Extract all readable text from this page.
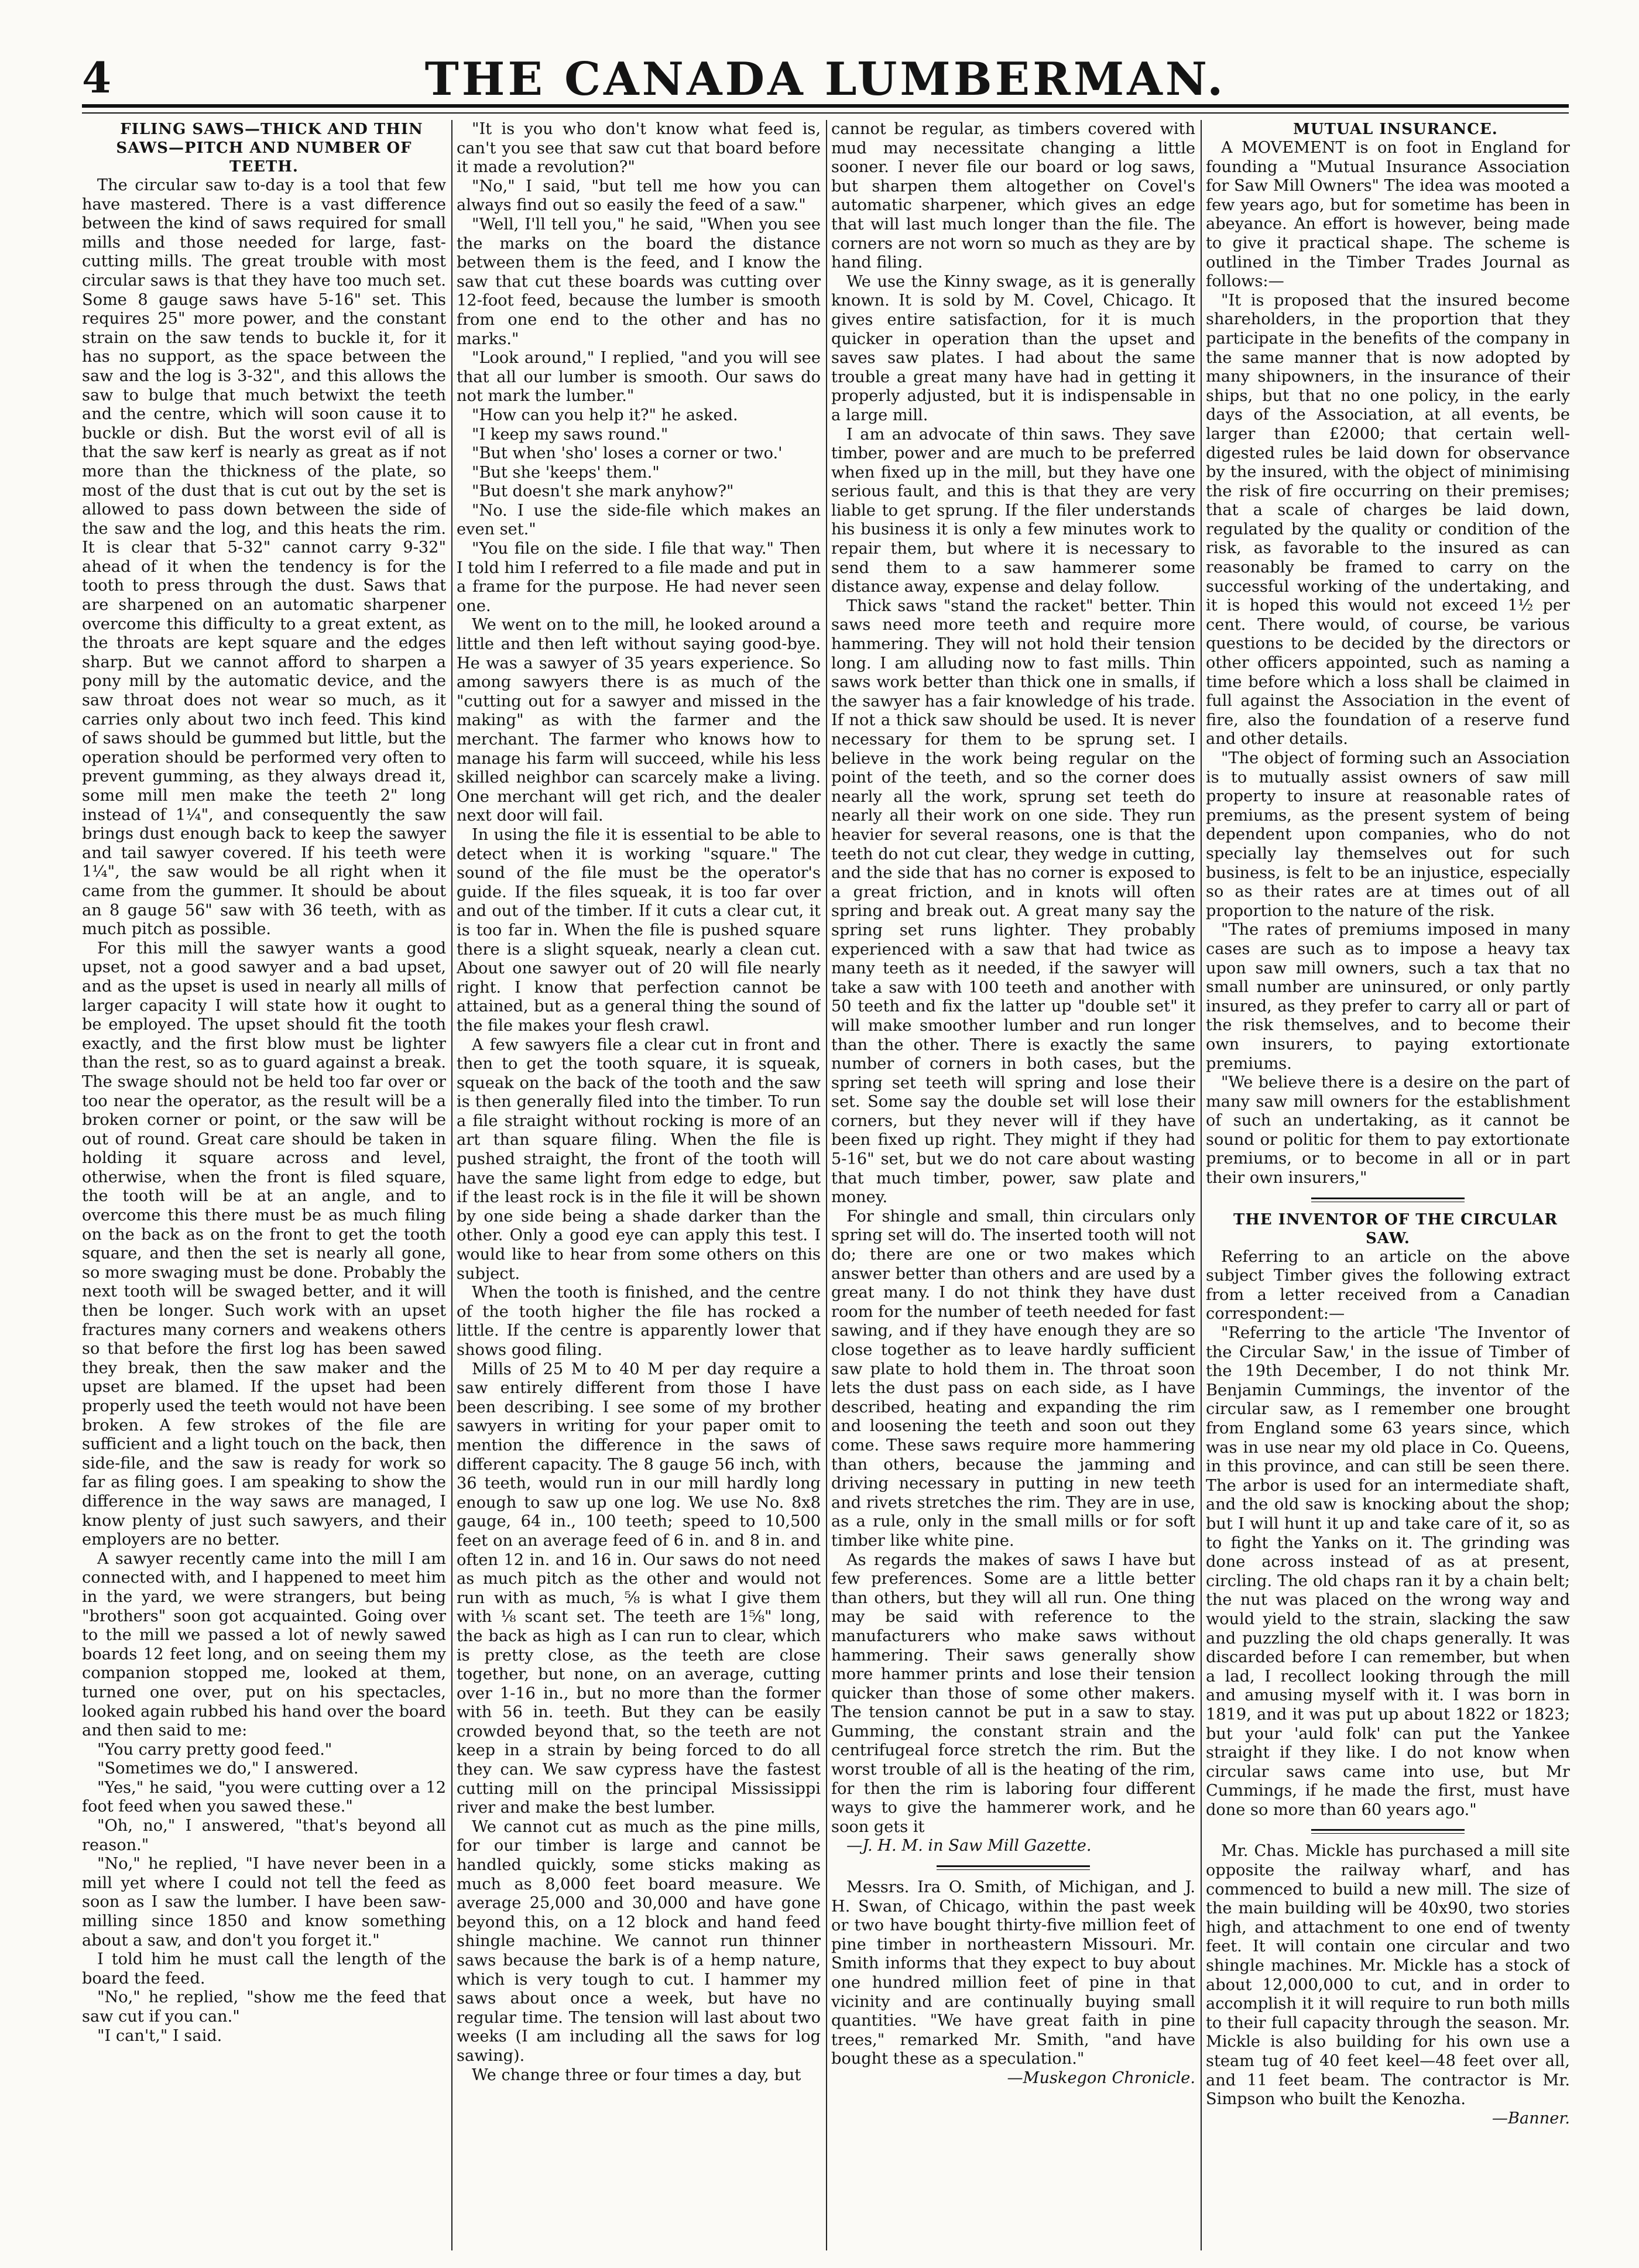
4	THE CANADA LUMBERMAN.

FILING SAWS—THICK AND THIN SAWS—PITCH AND NUMBER OF TEETH.

The circular saw to-day is a tool that few have mastered. There is a vast difference between the kind of saws required for small mills and those needed for large, fast-cutting mills. The great trouble with most circular saws is that they have too much set. Some 8 gauge saws have 5-16" set. This requires 25" more power, and the constant strain on the saw tends to buckle it, for it has no support, as the space between the saw and the log is 3-32", and this allows the saw to bulge that much betwixt the teeth and the centre, which will soon cause it to buckle or dish. But the worst evil of all is that the saw kerf is nearly as great as if not more than the thickness of the plate, so most of the dust that is cut out by the set is allowed to pass down between the side of the saw and the log, and this heats the rim. It is clear that 5-32" cannot carry 9-32" ahead of it when the tendency is for the tooth to press through the dust. Saws that are sharpened on an automatic sharpener overcome this difficulty to a great extent, as the throats are kept square and the edges sharp. But we cannot afford to sharpen a pony mill by the automatic device, and the saw throat does not wear so much, as it carries only about two inch feed. This kind of saws should be gummed but little, but the operation should be performed very often to prevent gumming, as they always dread it, some mill men make the teeth 2" long instead of 1¼", and consequently the saw brings dust enough back to keep the sawyer and tail sawyer covered. If his teeth were 1¼", the saw would be all right when it came from the gummer. It should be about an 8 gauge 56" saw with 36 teeth, with as much pitch as possible.

For this mill the sawyer wants a good upset, not a good sawyer and a bad upset, and as the upset is used in nearly all mills of larger capacity I will state how it ought to be employed. The upset should fit the tooth exactly, and the first blow must be lighter than the rest, so as to guard against a break. The swage should not be held too far over or too near the operator, as the result will be a broken corner or point, or the saw will be out of round. Great care should be taken in holding it square across and level, otherwise, when the front is filed square, the tooth will be at an angle, and to overcome this there must be as much filing on the back as on the front to get the tooth square, and then the set is nearly all gone, so more swaging must be done. Probably the next tooth will be swaged better, and it will then be longer. Such work with an upset fractures many corners and weakens others so that before the first log has been sawed they break, then the saw maker and the upset are blamed. If the upset had been properly used the teeth would not have been broken. A few strokes of the file are sufficient and a light touch on the back, then side-file, and the saw is ready for work so far as filing goes. I am speaking to show the difference in the way saws are managed, I know plenty of just such sawyers, and their employers are no better.

A sawyer recently came into the mill I am connected with, and I happened to meet him in the yard, we were strangers, but being "brothers" soon got acquainted. Going over to the mill we passed a lot of newly sawed boards 12 feet long, and on seeing them my companion stopped me, looked at them, turned one over, put on his spectacles, looked again rubbed his hand over the board and then said to me:

"You carry pretty good feed."

"Sometimes we do," I answered.

"Yes," he said, "you were cutting over a 12 foot feed when you sawed these."

"Oh, no," I answered, "that's beyond all reason."

"No," he replied, "I have never been in a mill yet where I could not tell the feed as soon as I saw the lumber. I have been saw-milling since 1850 and know something about a saw, and don't you forget it."

I told him he must call the length of the board the feed.

"No," he replied, "show me the feed that saw cut if you can."

"I can't," I said.

"It is you who don't know what feed is, can't you see that saw cut that board before it made a revolution?"

"No," I said, "but tell me how you can always find out so easily the feed of a saw."

"Well, I'll tell you," he said, "When you see the marks on the board the distance between them is the feed, and I know the saw that cut these boards was cutting over 12-foot feed, because the lumber is smooth from one end to the other and has no marks."

"Look around," I replied, "and you will see that all our lumber is smooth. Our saws do not mark the lumber."

"How can you help it?" he asked.

"I keep my saws round."

"But when 'sho' loses a corner or two.'

"But she 'keeps' them."

"But doesn't she mark anyhow?"

"No. I use the side-file which makes an even set."

"You file on the side. I file that way." Then I told him I referred to a file made and put in a frame for the purpose. He had never seen one.

We went on to the mill, he looked around a little and then left without saying good-bye. He was a sawyer of 35 years experience. So among sawyers there is as much of the "cutting out for a sawyer and missed in the making" as with the farmer and the merchant. The farmer who knows how to manage his farm will succeed, while his less skilled neighbor can scarcely make a living. One merchant will get rich, and the dealer next door will fail.

In using the file it is essential to be able to detect when it is working "square." The sound of the file must be the operator's guide. If the files squeak, it is too far over and out of the timber. If it cuts a clear cut, it is too far in. When the file is pushed square there is a slight squeak, nearly a clean cut. About one sawyer out of 20 will file nearly right. I know that perfection cannot be attained, but as a general thing the sound of the file makes your flesh crawl.

A few sawyers file a clear cut in front and then to get the tooth square, it is squeak, squeak on the back of the tooth and the saw is then generally filed into the timber. To run a file straight without rocking is more of an art than square filing. When the file is pushed straight, the front of the tooth will have the same light from edge to edge, but if the least rock is in the file it will be shown by one side being a shade darker than the other. Only a good eye can apply this test. I would like to hear from some others on this subject.

When the tooth is finished, and the centre of the tooth higher the file has rocked a little. If the centre is apparently lower that shows good filing.

Mills of 25 M to 40 M per day require a saw entirely different from those I have been describing. I see some of my brother sawyers in writing for your paper omit to mention the difference in the saws of different capacity. The 8 gauge 56 inch, with 36 teeth, would run in our mill hardly long enough to saw up one log. We use No. 8x8 gauge, 64 in., 100 teeth; speed to 10,500 feet on an average feed of 6 in. and 8 in. and often 12 in. and 16 in. Our saws do not need as much pitch as the other and would not run with as much, ⅝ is what I give them with ⅛ scant set. The teeth are 1⅝" long, the back as high as I can run to clear, which is pretty close, as the teeth are close together, but none, on an average, cutting over 1-16 in., but no more than the former with 56 in. teeth. But they can be easily crowded beyond that, so the teeth are not keep in a strain by being forced to do all they can. We saw cypress have the fastest cutting mill on the principal Mississippi river and make the best lumber.

We cannot cut as much as the pine mills, for our timber is large and cannot be handled quickly, some sticks making as much as 8,000 feet board measure. We average 25,000 and 30,000 and have gone beyond this, on a 12 block and hand feed shingle machine. We cannot run thinner saws because the bark is of a hemp nature, which is very tough to cut. I hammer my saws about once a week, but have no regular time. The tension will last about two weeks (I am including all the saws for log sawing).

We change three or four times a day, but

cannot be regular, as timbers covered with mud may necessitate changing a little sooner. I never file our board or log saws, but sharpen them altogether on Covel's automatic sharpener, which gives an edge that will last much longer than the file. The corners are not worn so much as they are by hand filing.

We use the Kinny swage, as it is generally known. It is sold by M. Covel, Chicago. It gives entire satisfaction, for it is much quicker in operation than the upset and saves saw plates. I had about the same trouble a great many have had in getting it properly adjusted, but it is indispensable in a large mill.

I am an advocate of thin saws. They save timber, power and are much to be preferred when fixed up in the mill, but they have one serious fault, and this is that they are very liable to get sprung. If the filer understands his business it is only a few minutes work to repair them, but where it is necessary to send them to a saw hammerer some distance away, expense and delay follow.

Thick saws "stand the racket" better. Thin saws need more teeth and require more hammering. They will not hold their tension long. I am alluding now to fast mills. Thin saws work better than thick one in smalls, if the sawyer has a fair knowledge of his trade. If not a thick saw should be used. It is never necessary for them to be sprung set. I believe in the work being regular on the point of the teeth, and so the corner does nearly all the work, sprung set teeth do nearly all their work on one side. They run heavier for several reasons, one is that the teeth do not cut clear, they wedge in cutting, and the side that has no corner is exposed to a great friction, and in knots will often spring and break out. A great many say the spring set runs lighter. They probably experienced with a saw that had twice as many teeth as it needed, if the sawyer will take a saw with 100 teeth and another with 50 teeth and fix the latter up "double set" it will make smoother lumber and run longer than the other. There is exactly the same number of corners in both cases, but the spring set teeth will spring and lose their set. Some say the double set will lose their corners, but they never will if they have been fixed up right. They might if they had 5-16" set, but we do not care about wasting that much timber, power, saw plate and money.

For shingle and small, thin circulars only spring set will do. The inserted tooth will not do; there are one or two makes which answer better than others and are used by a great many. I do not think they have dust room for the number of teeth needed for fast sawing, and if they have enough they are so close together as to leave hardly sufficient saw plate to hold them in. The throat soon lets the dust pass on each side, as I have described, heating and expanding the rim and loosening the teeth and soon out they come. These saws require more hammering than others, because the jamming and driving necessary in putting in new teeth and rivets stretches the rim. They are in use, as a rule, only in the small mills or for soft timber like white pine.

As regards the makes of saws I have but few preferences. Some are a little better than others, but they will all run. One thing may be said with reference to the manufacturers who make saws without hammering. Their saws generally show more hammer prints and lose their tension quicker than those of some other makers. The tension cannot be put in a saw to stay. Gumming, the constant strain and the centrifugeal force stretch the rim. But the worst trouble of all is the heating of the rim, for then the rim is laboring four different ways to give the hammerer work, and he soon gets it

—J. H. M. in Saw Mill Gazette.

Messrs. Ira O. Smith, of Michigan, and J. H. Swan, of Chicago, within the past week or two have bought thirty-five million feet of pine timber in northeastern Missouri. Mr. Smith informs that they expect to buy about one hundred million feet of pine in that vicinity and are continually buying small quantities. "We have great faith in pine trees," remarked Mr. Smith, "and have bought these as a speculation."

—Muskegon Chronicle.

MUTUAL INSURANCE.

A MOVEMENT is on foot in England for founding a "Mutual Insurance Association for Saw Mill Owners" The idea was mooted a few years ago, but for sometime has been in abeyance. An effort is however, being made to give it practical shape. The scheme is outlined in the Timber Trades Journal as follows:—

"It is proposed that the insured become shareholders, in the proportion that they participate in the benefits of the company in the same manner that is now adopted by many shipowners, in the insurance of their ships, but that no one policy, in the early days of the Association, at all events, be larger than £2000; that certain well-digested rules be laid down for observance by the insured, with the object of minimising the risk of fire occurring on their premises; that a scale of charges be laid down, regulated by the quality or condition of the risk, as favorable to the insured as can reasonably be framed to carry on the successful working of the undertaking, and it is hoped this would not exceed 1½ per cent. There would, of course, be various questions to be decided by the directors or other officers appointed, such as naming a time before which a loss shall be claimed in full against the Association in the event of fire, also the foundation of a reserve fund and other details.

"The object of forming such an Association is to mutually assist owners of saw mill property to insure at reasonable rates of premiums, as the present system of being dependent upon companies, who do not specially lay themselves out for such business, is felt to be an injustice, especially so as their rates are at times out of all proportion to the nature of the risk.

"The rates of premiums imposed in many cases are such as to impose a heavy tax upon saw mill owners, such a tax that no small number are uninsured, or only partly insured, as they prefer to carry all or part of the risk themselves, and to become their own insurers, to paying extortionate premiums.

"We believe there is a desire on the part of many saw mill owners for the establishment of such an undertaking, as it cannot be sound or politic for them to pay extortionate premiums, or to become in all or in part their own insurers,"

THE INVENTOR OF THE CIRCULAR SAW.

Referring to an article on the above subject Timber gives the following extract from a letter received from a Canadian correspondent:—

"Referring to the article 'The Inventor of the Circular Saw,' in the issue of Timber of the 19th December, I do not think Mr. Benjamin Cummings, the inventor of the circular saw, as I remember one brought from England some 63 years since, which was in use near my old place in Co. Queens, in this province, and can still be seen there. The arbor is used for an intermediate shaft, and the old saw is knocking about the shop; but I will hunt it up and take care of it, so as to fight the Yanks on it. The grinding was done across instead of as at present, circling. The old chaps ran it by a chain belt; the nut was placed on the wrong way and would yield to the strain, slacking the saw and puzzling the old chaps generally. It was discarded before I can remember, but when a lad, I recollect looking through the mill and amusing myself with it. I was born in 1819, and it was put up about 1822 or 1823; but your 'auld folk' can put the Yankee straight if they like. I do not know when circular saws came into use, but Mr Cummings, if he made the first, must have done so more than 60 years ago."

Mr. Chas. Mickle has purchased a mill site opposite the railway wharf, and has commenced to build a new mill. The size of the main building will be 40x90, two stories high, and attachment to one end of twenty feet. It will contain one circular and two shingle machines. Mr. Mickle has a stock of about 12,000,000 to cut, and in order to accomplish it it will require to run both mills to their full capacity through the season. Mr. Mickle is also building for his own use a steam tug of 40 feet keel—48 feet over all, and 11 feet beam. The contractor is Mr. Simpson who built the Kenozha.

—Banner.
